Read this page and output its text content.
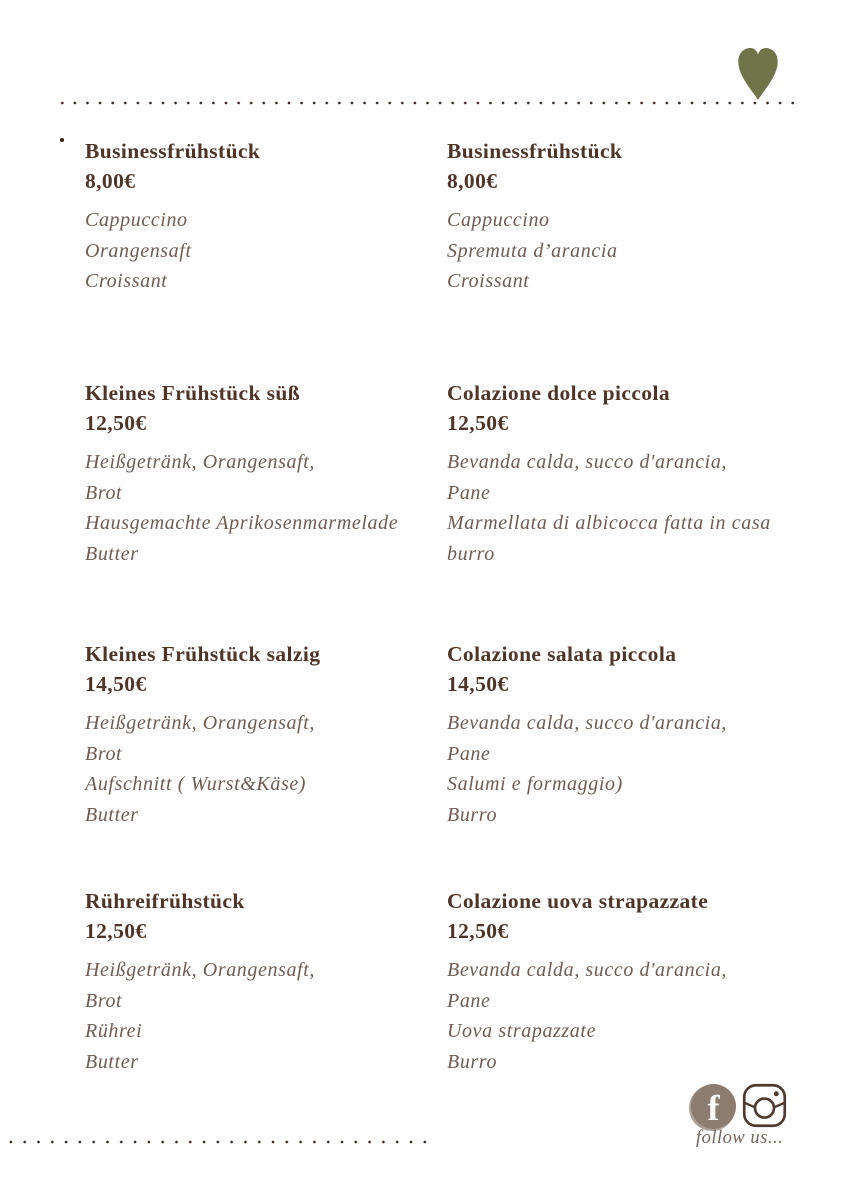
Businessfrühstück
8,00€
Cappuccino
Orangensaft
Croissant
Businessfrühstück
8,00€
Cappuccino
Spremuta d’arancia
Croissant
Kleines Frühstück süß
12,50€
Heißgetränk, Orangensaft,
Brot
Hausgemachte Aprikosenmarmelade
Butter
Colazione dolce piccola
12,50€
Bevanda calda, succo d'arancia,
Pane
Marmellata di albicocca fatta in casa
burro
Kleines Frühstück salzig
14,50€
Heißgetränk, Orangensaft,
Brot
Aufschnitt ( Wurst&Käse)
Butter
Colazione salata piccola
14,50€
Bevanda calda, succo d'arancia,
Pane
Salumi e formaggio)
Burro
Rühreifrühstück
12,50€
Heißgetränk, Orangensaft,
Brot
Rührei
Butter
Colazione uova strapazzate
12,50€
Bevanda calda, succo d'arancia,
Pane
Uova strapazzate
Burro
f
follow us...
